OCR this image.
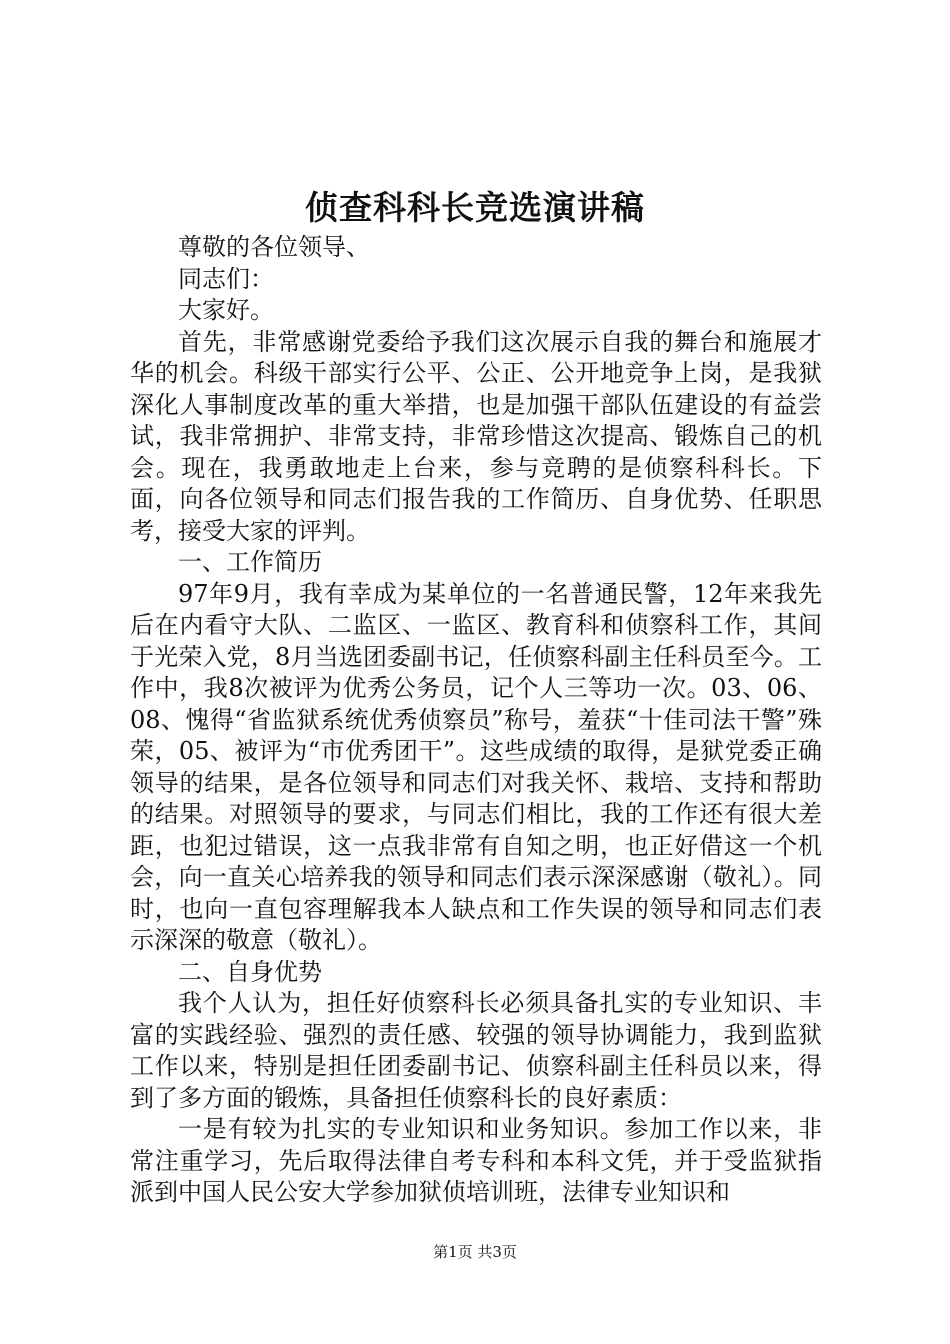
侦查科科长竞选演讲稿

尊敬的各位领导、

同志们：

大家好。

首先，非常感谢党委给予我们这次展示自我的舞台和施展才华的机会。科级干部实行公平、公正、公开地竞争上岗，是我狱深化人事制度改革的重大举措，也是加强干部队伍建设的有益尝试，我非常拥护、非常支持，非常珍惜这次提高、锻炼自己的机会。现在，我勇敢地走上台来，参与竞聘的是侦察科科长。下面，向各位领导和同志们报告我的工作简历、自身优势、任职思考，接受大家的评判。

一、工作简历

97年9月，我有幸成为某单位的一名普通民警，12年来我先后在内看守大队、二监区、一监区、教育科和侦察科工作，其间于光荣入党，8月当选团委副书记，任侦察科副主任科员至今。工作中，我8次被评为优秀公务员，记个人三等功一次。03、06、08、愧得“省监狱系统优秀侦察员”称号，羞获“十佳司法干警”殊荣，05、被评为“市优秀团干”。这些成绩的取得，是狱党委正确领导的结果，是各位领导和同志们对我关怀、栽培、支持和帮助的结果。对照领导的要求，与同志们相比，我的工作还有很大差距，也犯过错误，这一点我非常有自知之明，也正好借这一个机会，向一直关心培养我的领导和同志们表示深深感谢（敬礼）。同时，也向一直包容理解我本人缺点和工作失误的领导和同志们表示深深的敬意（敬礼）。

二、自身优势

我个人认为，担任好侦察科长必须具备扎实的专业知识、丰富的实践经验、强烈的责任感、较强的领导协调能力，我到监狱工作以来，特别是担任团委副书记、侦察科副主任科员以来，得到了多方面的锻炼，具备担任侦察科长的良好素质：

一是有较为扎实的专业知识和业务知识。参加工作以来，非常注重学习，先后取得法律自考专科和本科文凭，并于受监狱指派到中国人民公安大学参加狱侦培训班，法律专业知识和

第1页 共3页
